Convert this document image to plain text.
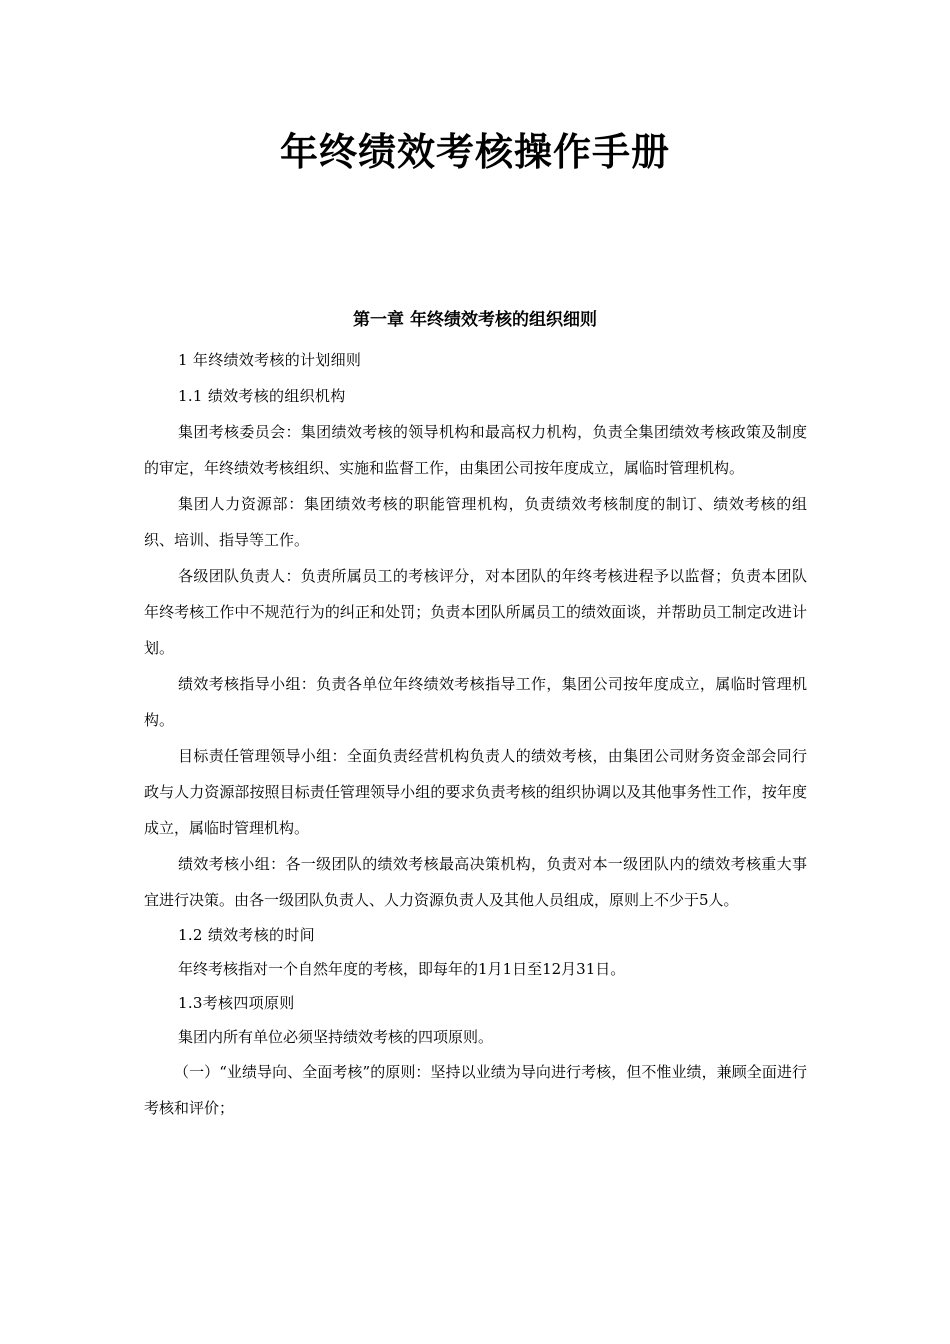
年终绩效考核操作手册
第一章 年终绩效考核的组织细则

1 年终绩效考核的计划细则

1.1 绩效考核的组织机构

集团考核委员会：集团绩效考核的领导机构和最高权力机构，负责全集团绩效考核政策及制度的审定，年终绩效考核组织、实施和监督工作，由集团公司按年度成立，属临时管理机构。

集团人力资源部：集团绩效考核的职能管理机构，负责绩效考核制度的制订、绩效考核的组织、培训、指导等工作。

各级团队负责人：负责所属员工的考核评分，对本团队的年终考核进程予以监督；负责本团队年终考核工作中不规范行为的纠正和处罚；负责本团队所属员工的绩效面谈，并帮助员工制定改进计划。

绩效考核指导小组：负责各单位年终绩效考核指导工作，集团公司按年度成立，属临时管理机构。

目标责任管理领导小组：全面负责经营机构负责人的绩效考核，由集团公司财务资金部会同行政与人力资源部按照目标责任管理领导小组的要求负责考核的组织协调以及其他事务性工作，按年度成立，属临时管理机构。

绩效考核小组：各一级团队的绩效考核最高决策机构，负责对本一级团队内的绩效考核重大事宜进行决策。由各一级团队负责人、人力资源负责人及其他人员组成，原则上不少于5人。

1.2 绩效考核的时间

年终考核指对一个自然年度的考核，即每年的1月1日至12月31日。

1.3考核四项原则

集团内所有单位必须坚持绩效考核的四项原则。

（一）“业绩导向、全面考核”的原则：坚持以业绩为导向进行考核，但不惟业绩，兼顾全面进行考核和评价；
